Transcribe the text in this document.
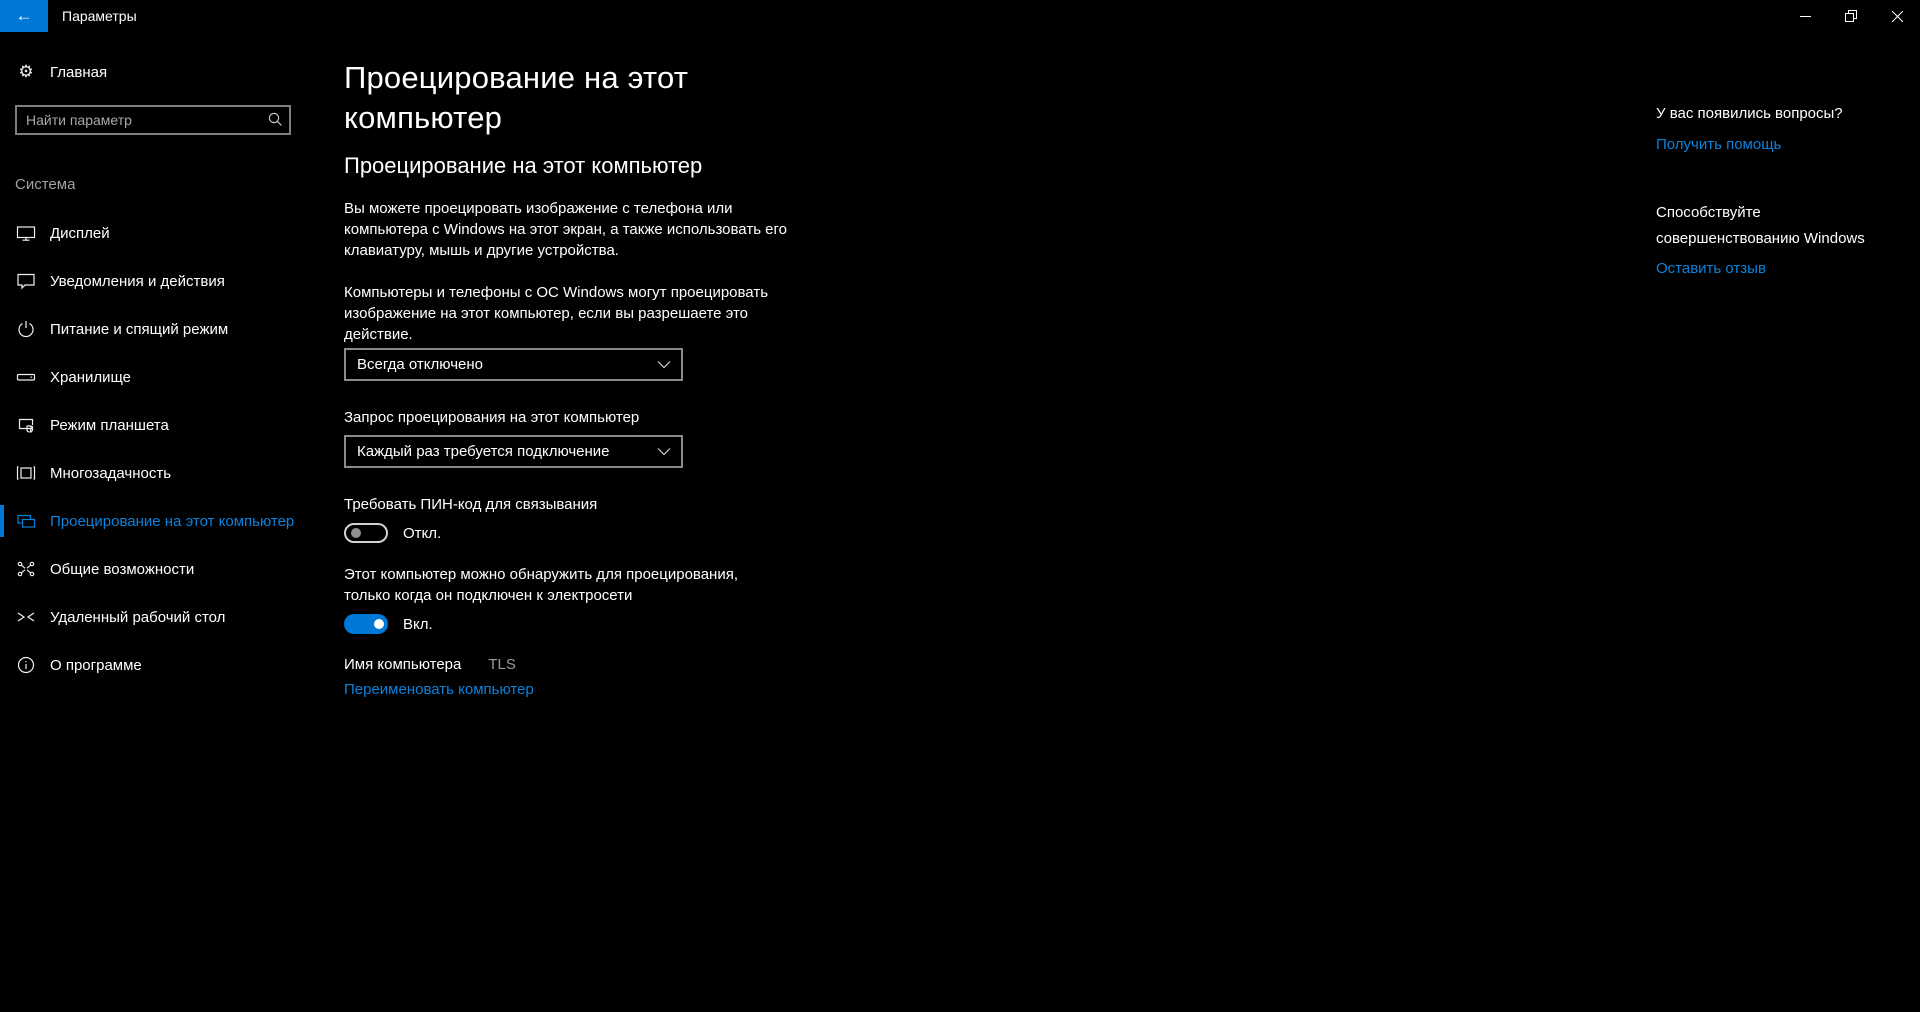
← Параметры
⚙ Главная
Найти параметр
Система
Дисплей
Уведомления и действия
Питание и спящий режим
Хранилище
Режим планшета
Многозадачность
Проецирование на этот компьютер
Общие возможности
Удаленный рабочий стол
О программе
Проецирование на этот компьютер
Проецирование на этот компьютер

Вы можете проецировать изображение с телефона или компьютера с Windows на этот экран, а также использовать его клавиатуру, мышь и другие устройства.

Компьютеры и телефоны с ОС Windows могут проецировать изображение на этот компьютер, если вы разрешаете это действие.

Всегда отключено
Запрос проецирования на этот компьютер
Каждый раз требуется подключение
Требовать ПИН-код для связывания
Откл.

Этот компьютер можно обнаружить для проецирования, только когда он подключен к электросети

Вкл.
Имя компьютера TLS
Переименовать компьютер
У вас появились вопросы?
Получить помощь
Способствуйте совершенствованию Windows
Оставить отзыв
